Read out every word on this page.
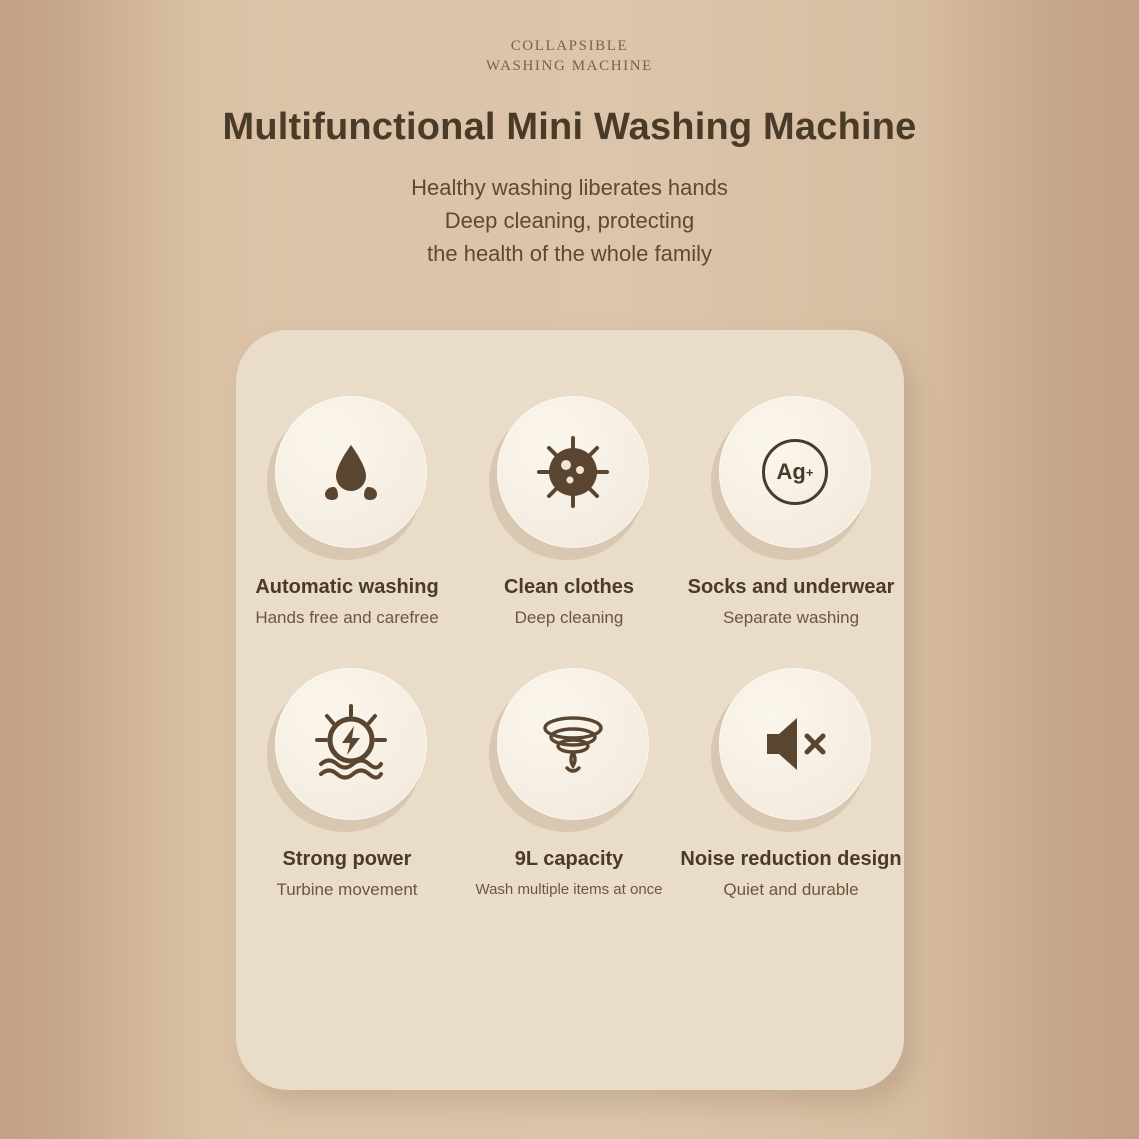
COLLAPSIBLE
WASHING MACHINE
Multifunctional Mini Washing Machine
Healthy washing liberates hands
Deep cleaning, protecting
the health of the whole family
Automatic washing
Hands free and carefree
Clean clothes
Deep cleaning
Ag +
Socks and underwear
Separate washing
Strong power
Turbine movement
9L capacity
Wash multiple items at once
Noise reduction design
Quiet and durable
